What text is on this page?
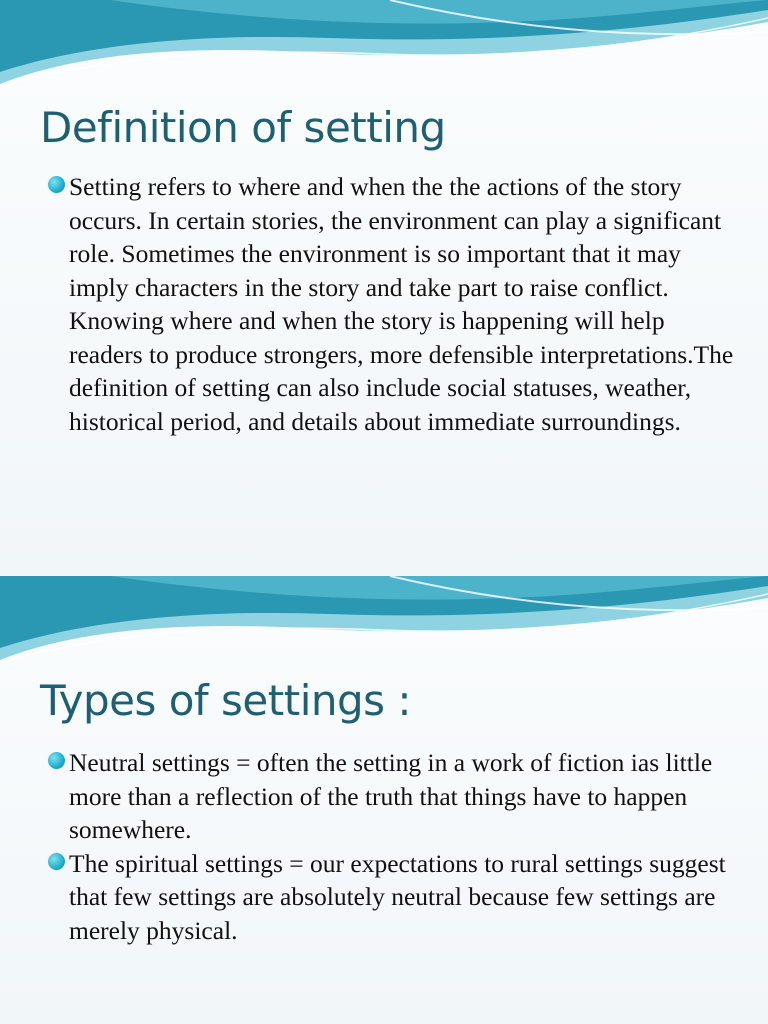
Definition of setting
Setting refers to where and when the the actions of the story occurs. In certain stories, the environment can play a significant role. Sometimes the environment is so important that it may imply characters in the story and take part to raise conflict. Knowing where and when the story is happening will help readers to produce strongers, more defensible interpretations.The definition of setting can also include social statuses, weather, historical period, and details about immediate surroundings.
Types of settings :
Neutral settings = often the setting in a work of fiction ias little more than a reflection of the truth that things have to happen somewhere.
The spiritual settings = our expectations to rural settings suggest that few settings are absolutely neutral because few settings are merely physical.
